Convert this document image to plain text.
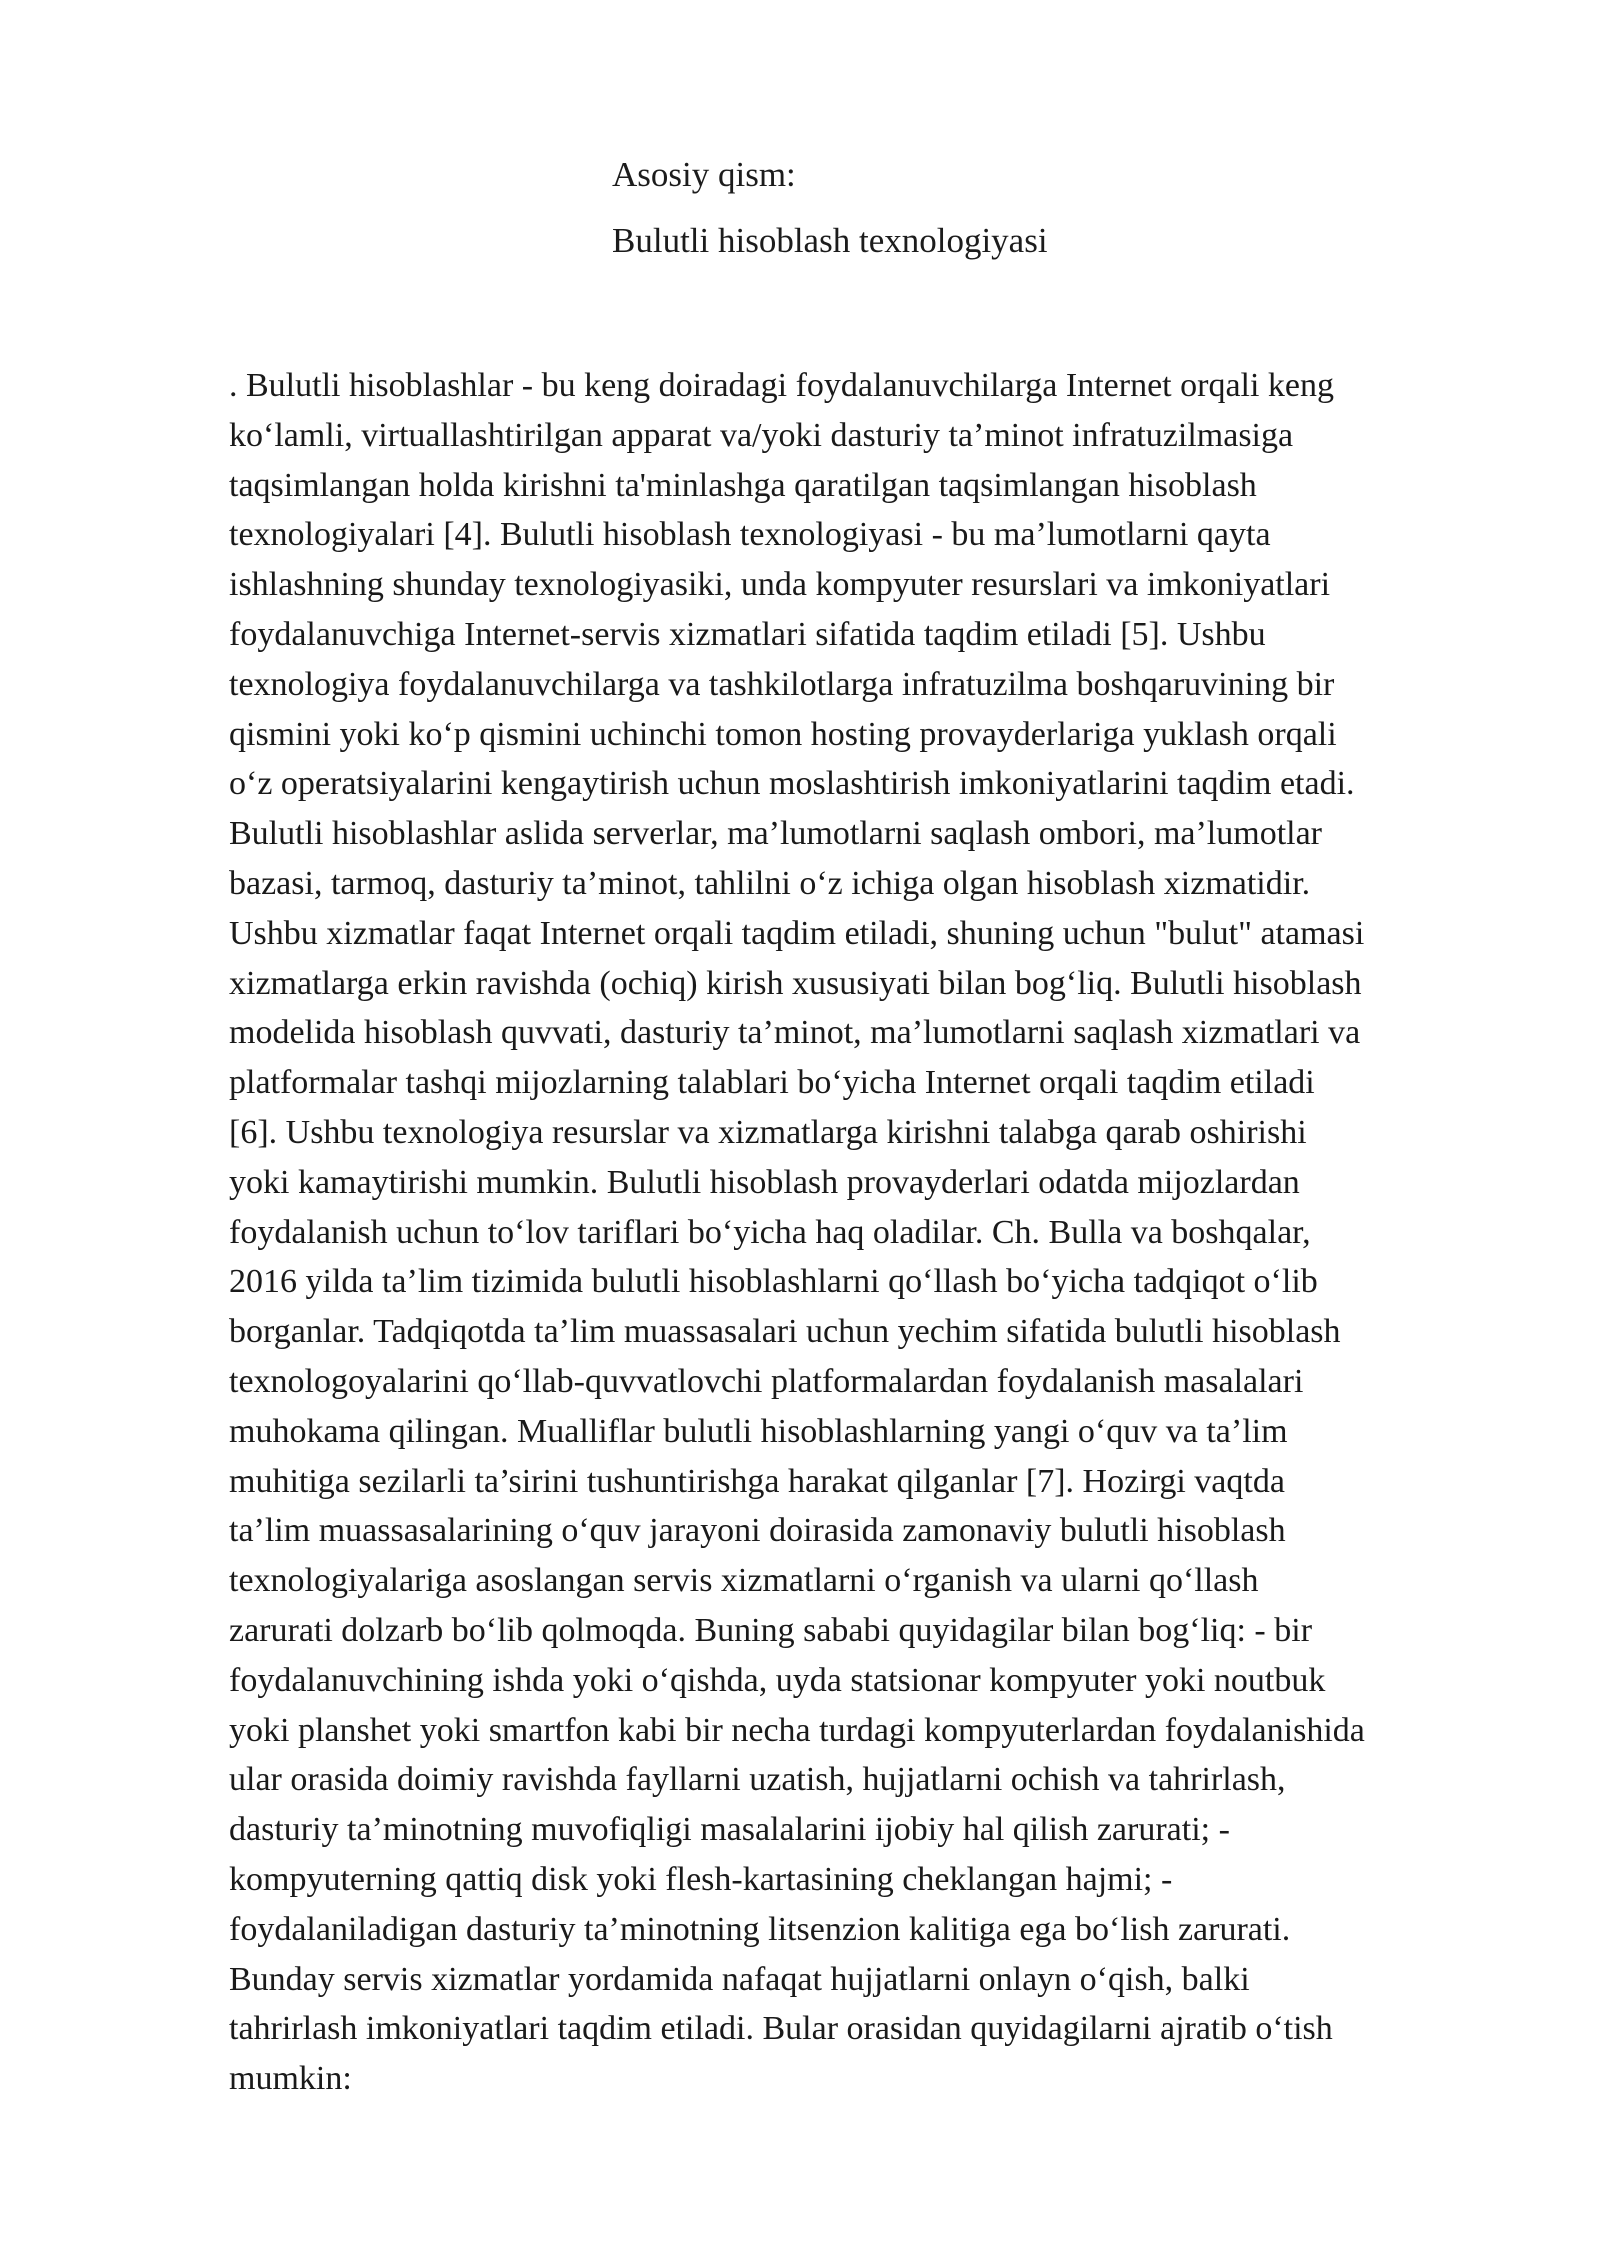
Asosiy qism:
Bulutli hisoblash texnologiyasi
. Bulutli hisoblashlar - bu keng doiradagi foydalanuvchilarga Internet orqali keng
ko‘lamli, virtuallashtirilgan apparat va/yoki dasturiy ta’minot infratuzilmasiga
taqsimlangan holda kirishni ta'minlashga qaratilgan taqsimlangan hisoblash
texnologiyalari [4]. Bulutli hisoblash texnologiyasi - bu ma’lumotlarni qayta
ishlashning shunday texnologiyasiki, unda kompyuter resurslari va imkoniyatlari
foydalanuvchiga Internet-servis xizmatlari sifatida taqdim etiladi [5]. Ushbu
texnologiya foydalanuvchilarga va tashkilotlarga infratuzilma boshqaruvining bir
qismini yoki ko‘p qismini uchinchi tomon hosting provayderlariga yuklash orqali
o‘z operatsiyalarini kengaytirish uchun moslashtirish imkoniyatlarini taqdim etadi.
Bulutli hisoblashlar aslida serverlar, ma’lumotlarni saqlash ombori, ma’lumotlar
bazasi, tarmoq, dasturiy ta’minot, tahlilni o‘z ichiga olgan hisoblash xizmatidir.
Ushbu xizmatlar faqat Internet orqali taqdim etiladi, shuning uchun "bulut" atamasi
xizmatlarga erkin ravishda (ochiq) kirish xususiyati bilan bog‘liq. Bulutli hisoblash
modelida hisoblash quvvati, dasturiy ta’minot, ma’lumotlarni saqlash xizmatlari va
platformalar tashqi mijozlarning talablari bo‘yicha Internet orqali taqdim etiladi
[6]. Ushbu texnologiya resurslar va xizmatlarga kirishni talabga qarab oshirishi
yoki kamaytirishi mumkin. Bulutli hisoblash provayderlari odatda mijozlardan
foydalanish uchun to‘lov tariflari bo‘yicha haq oladilar. Ch. Bulla va boshqalar,
2016 yilda ta’lim tizimida bulutli hisoblashlarni qo‘llash bo‘yicha tadqiqot o‘lib
borganlar. Tadqiqotda ta’lim muassasalari uchun yechim sifatida bulutli hisoblash
texnologoyalarini qo‘llab-quvvatlovchi platformalardan foydalanish masalalari
muhokama qilingan. Mualliflar bulutli hisoblashlarning yangi o‘quv va ta’lim
muhitiga sezilarli ta’sirini tushuntirishga harakat qilganlar [7]. Hozirgi vaqtda
ta’lim muassasalarining o‘quv jarayoni doirasida zamonaviy bulutli hisoblash
texnologiyalariga asoslangan servis xizmatlarni o‘rganish va ularni qo‘llash
zarurati dolzarb bo‘lib qolmoqda. Buning sababi quyidagilar bilan bog‘liq: - bir
foydalanuvchining ishda yoki o‘qishda, uyda statsionar kompyuter yoki noutbuk
yoki planshet yoki smartfon kabi bir necha turdagi kompyuterlardan foydalanishida
ular orasida doimiy ravishda fayllarni uzatish, hujjatlarni ochish va tahrirlash,
dasturiy ta’minotning muvofiqligi masalalarini ijobiy hal qilish zarurati; -
kompyuterning qattiq disk yoki flesh-kartasining cheklangan hajmi; -
foydalaniladigan dasturiy ta’minotning litsenzion kalitiga ega bo‘lish zarurati.
Bunday servis xizmatlar yordamida nafaqat hujjatlarni onlayn o‘qish, balki
tahrirlash imkoniyatlari taqdim etiladi. Bular orasidan quyidagilarni ajratib o‘tish
mumkin:
